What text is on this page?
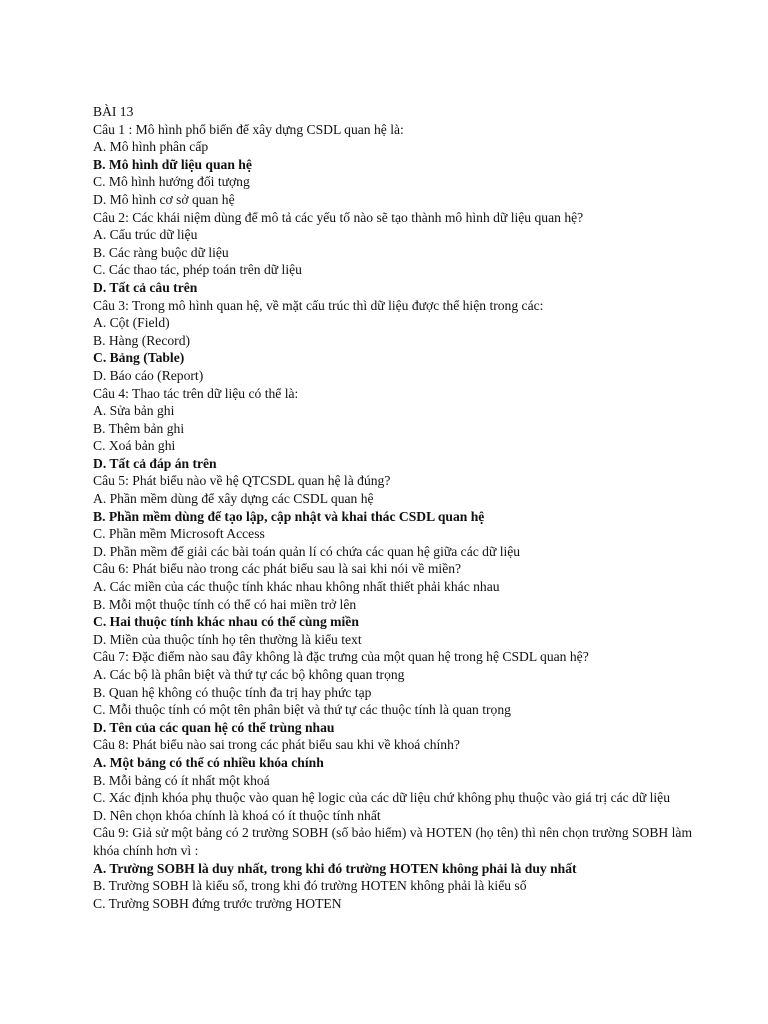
BÀI 13
Câu 1 : Mô hình phổ biến để xây dựng CSDL quan hệ là:
A. Mô hình phân cấp
B. Mô hình dữ liệu quan hệ
C. Mô hình hướng đối tượng
D. Mô hình cơ sở quan hệ
Câu 2: Các khái niệm dùng để mô tả các yếu tố nào sẽ tạo thành mô hình dữ liệu quan hệ?
A. Cấu trúc dữ liệu
B. Các ràng buộc dữ liệu
C. Các thao tác, phép toán trên dữ liệu
D. Tất cả câu trên
Câu 3: Trong mô hình quan hệ, về mặt cấu trúc thì dữ liệu được thể hiện trong các:
A. Cột (Field)
B. Hàng (Record)
C. Bảng (Table)
D. Báo cáo (Report)
Câu 4: Thao tác trên dữ liệu có thể là:
A. Sửa bản ghi
B. Thêm bản ghi
C. Xoá bản ghi
D. Tất cả đáp án trên
Câu 5: Phát biểu nào về hệ QTCSDL quan hệ là đúng?
A. Phần mềm dùng để xây dựng các CSDL quan hệ
B. Phần mềm dùng để tạo lập, cập nhật và khai thác CSDL quan hệ
C. Phần mềm Microsoft Access
D. Phần mềm để giải các bài toán quản lí có chứa các quan hệ giữa các dữ liệu
Câu 6: Phát biểu nào trong các phát biểu sau là sai khi nói về miền?
A. Các miền của các thuộc tính khác nhau không nhất thiết phải khác nhau
B. Mỗi một thuộc tính có thể có hai miền trở lên
C. Hai thuộc tính khác nhau có thể cùng miền
D. Miền của thuộc tính họ tên thường là kiểu text
Câu 7: Đặc điểm nào sau đây không là đặc trưng của một quan hệ trong hệ CSDL quan hệ?
A. Các bộ là phân biệt và thứ tự các bộ không quan trọng
B. Quan hệ không có thuộc tính đa trị hay phức tạp
C. Mỗi thuộc tính có một tên phân biệt và thứ tự các thuộc tính là quan trọng
D. Tên của các quan hệ có thể trùng nhau
Câu 8: Phát biểu nào sai trong các phát biểu sau khi về khoá chính?
A. Một bảng có thể có nhiều khóa chính
B. Mỗi bảng có ít nhất một khoá
C. Xác định khóa phụ thuộc vào quan hệ logic của các dữ liệu chứ không phụ thuộc vào giá trị các dữ liệu
D. Nên chọn khóa chính là khoá có ít thuộc tính nhất
Câu 9: Giả sử một bảng có 2 trường SOBH (số bảo hiểm) và HOTEN (họ tên) thì nên chọn trường SOBH làm khóa chính hơn vì :
A. Trường SOBH là duy nhất, trong khi đó trường HOTEN không phải là duy nhất
B. Trường SOBH là kiểu số, trong khi đó trường HOTEN không phải là kiểu số
C. Trường SOBH đứng trước trường HOTEN
